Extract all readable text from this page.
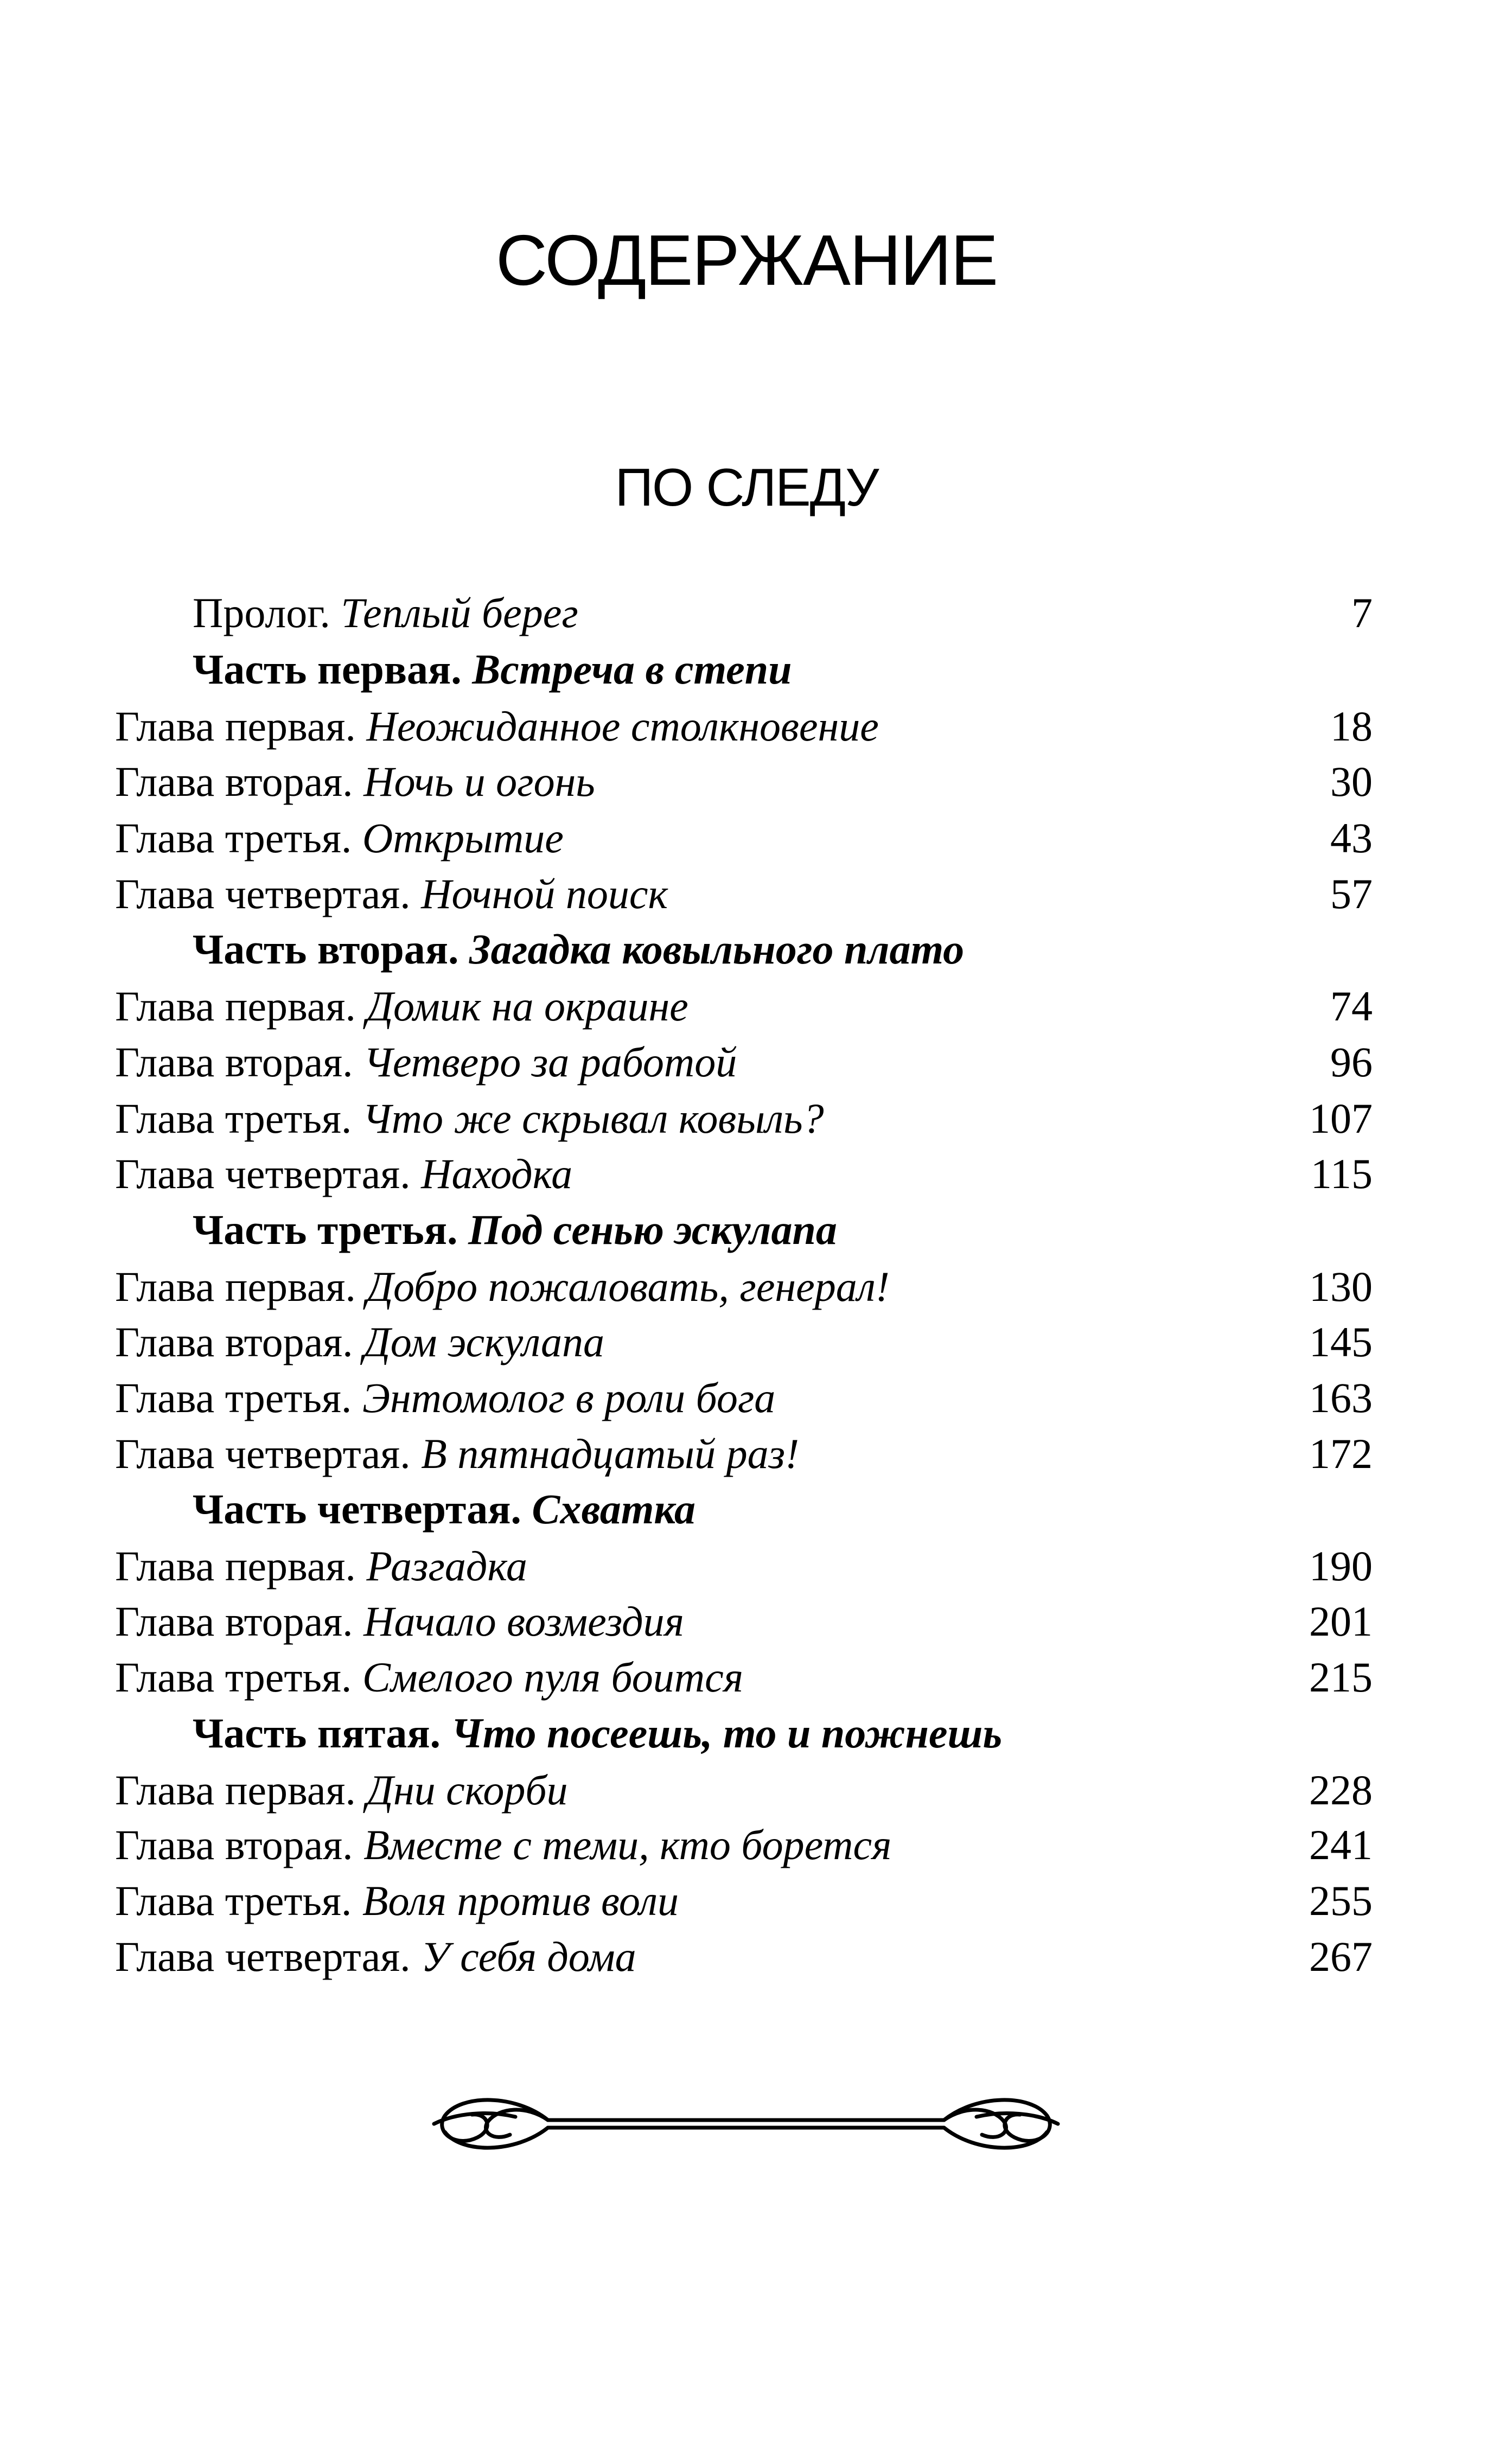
СОДЕРЖАНИЕ
ПО СЛЕДУ
Пролог. Теплый берег	7
Часть первая. Встреча в степи
Глава первая. Неожиданное столкновение	18
Глава вторая. Ночь и огонь	30
Глава третья. Открытие	43
Глава четвертая. Ночной поиск	57
Часть вторая. Загадка ковыльного плато
Глава первая. Домик на окраине	74
Глава вторая. Четверо за работой	96
Глава третья. Что же скрывал ковыль?	107
Глава четвертая. Находка	115
Часть третья. Под сенью эскулапа
Глава первая. Добро пожаловать, генерал!	130
Глава вторая. Дом эскулапа	145
Глава третья. Энтомолог в роли бога	163
Глава четвертая. В пятнадцатый раз!	172
Часть четвертая. Схватка
Глава первая. Разгадка	190
Глава вторая. Начало возмездия	201
Глава третья. Смелого пуля боится	215
Часть пятая. Что посеешь, то и пожнешь
Глава первая. Дни скорби	228
Глава вторая. Вместе с теми, кто борется	241
Глава третья. Воля против воли	255
Глава четвертая. У себя дома	267
